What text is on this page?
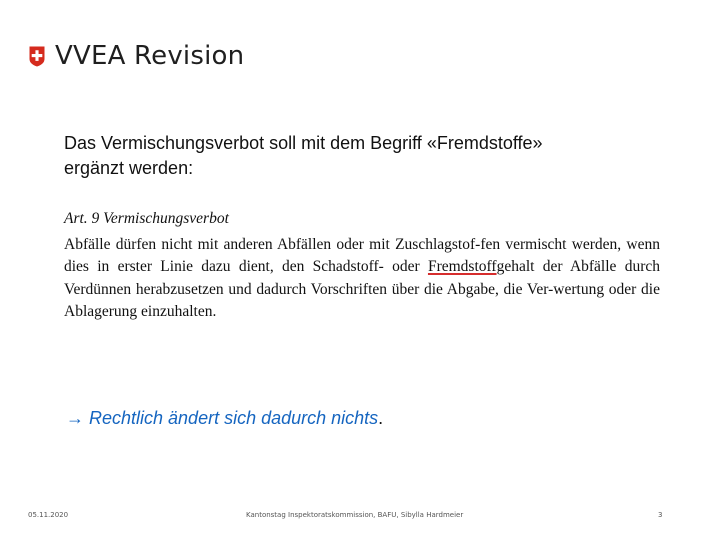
VVEA Revision
Das Vermischungsverbot soll mit dem Begriff «Fremdstoffe»
ergänzt werden:

Art. 9 Vermischungsverbot

Abfälle dürfen nicht mit anderen Abfällen oder mit Zuschlagstof-fen vermischt werden, wenn dies in erster Linie dazu dient, den Schadstoff- oder Fremdstoffgehalt der Abfälle durch Verdünnen herabzusetzen und dadurch Vorschriften über die Abgabe, die Ver-wertung oder die Ablagerung einzuhalten.

→ Rechtlich ändert sich dadurch nichts.
05.11.2020	Kantonstag Inspektoratskommission, BAFU, Sibylla Hardmeier	3
